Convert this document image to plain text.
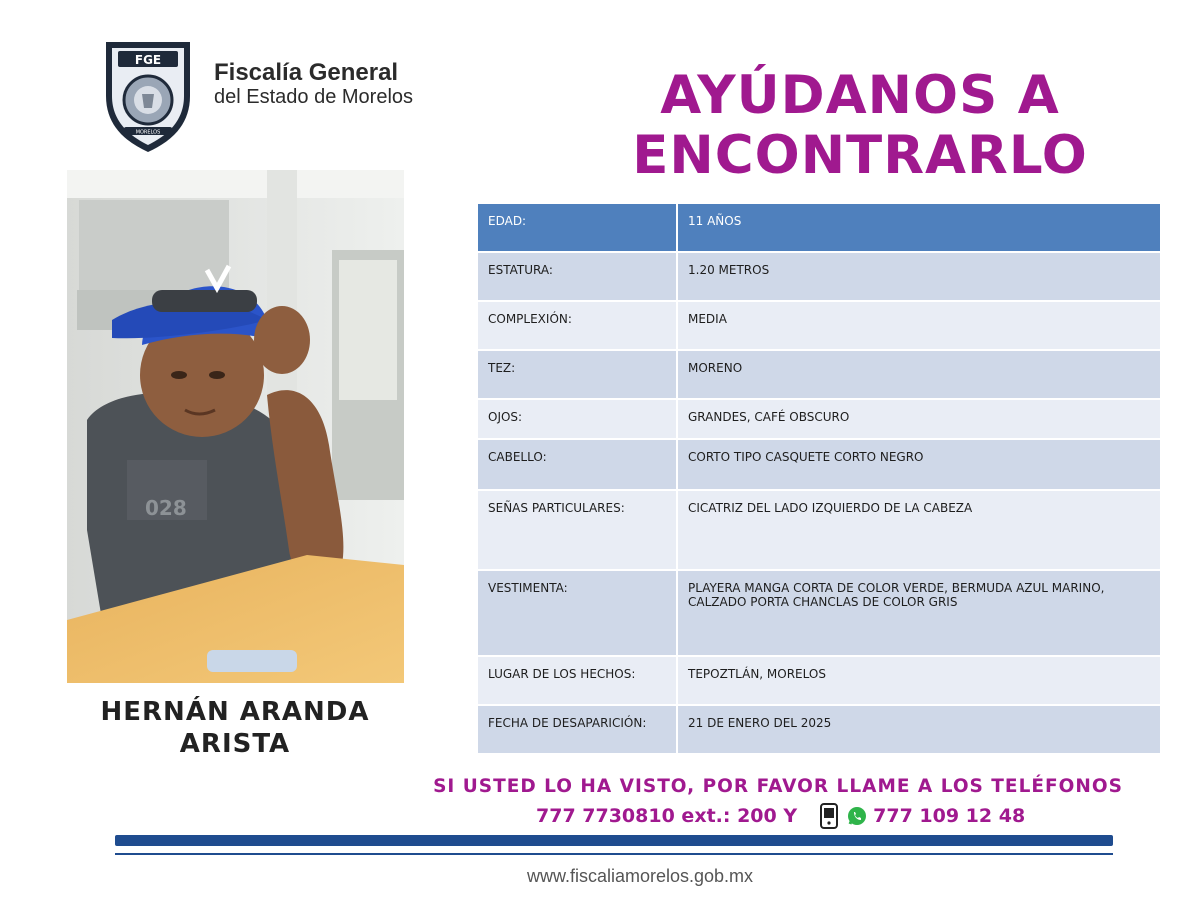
FGE
MORELOS
Fiscalía General
del Estado de Morelos	AYÚDANOS A
ENCONTRARLO
028
HERNÁN ARANDA
ARISTA
EDAD:	11 AÑOS
ESTATURA:	1.20 METROS
COMPLEXIÓN:	MEDIA
TEZ:	MORENO
OJOS:	GRANDES, CAFÉ OBSCURO
CABELLO:	CORTO TIPO CASQUETE CORTO NEGRO
SEÑAS PARTICULARES:	CICATRIZ DEL LADO IZQUIERDO DE LA CABEZA
VESTIMENTA:	PLAYERA MANGA CORTA DE COLOR VERDE, BERMUDA AZUL MARINO, CALZADO PORTA CHANCLAS DE COLOR GRIS
LUGAR DE LOS HECHOS:	TEPOZTLÁN, MORELOS
FECHA DE DESAPARICIÓN:	21 DE ENERO DEL 2025
SI USTED LO HA VISTO, POR FAVOR LLAME A LOS TELÉFONOS
777 7730810 ext.: 200 Y	777 109 12 48
www.fiscaliamorelos.gob.mx
